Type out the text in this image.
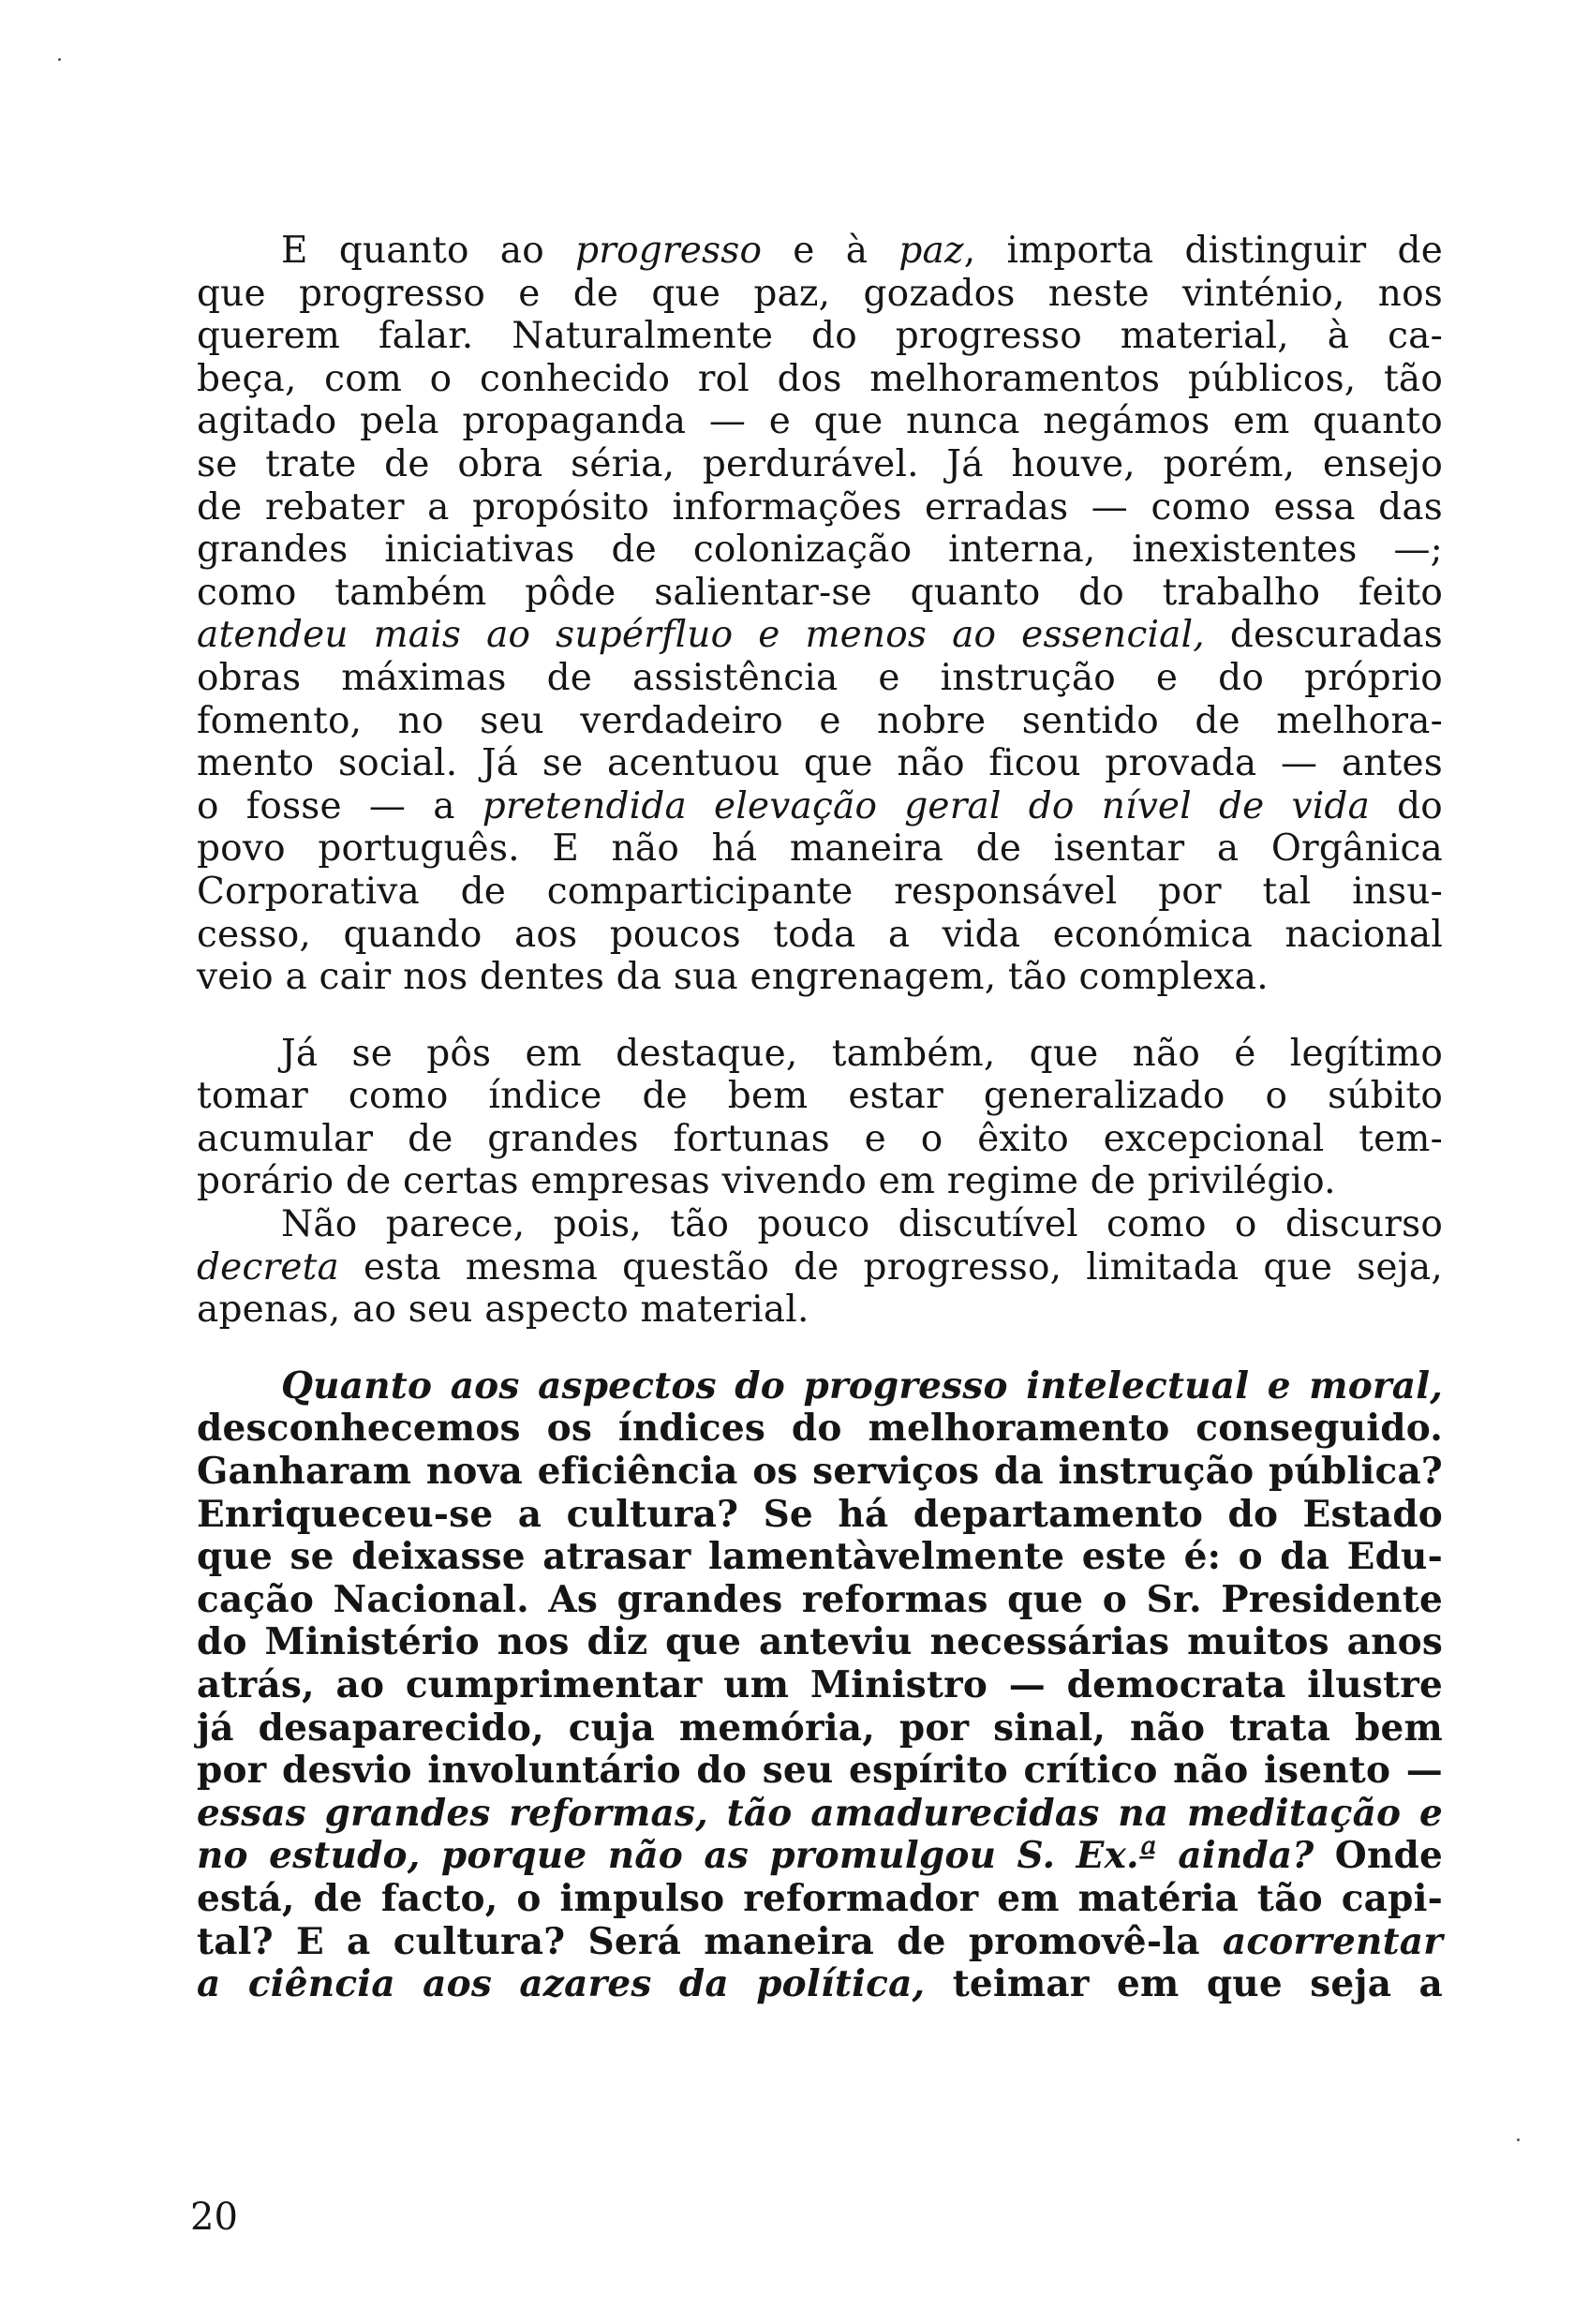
E quanto ao progresso e à paz, importa distinguir de
que progresso e de que paz, gozados neste vinténio, nos
querem falar. Naturalmente do progresso material, à ca-
beça, com o conhecido rol dos melhoramentos públicos, tão
agitado pela propaganda — e que nunca negámos em quanto
se trate de obra séria, perdurável. Já houve, porém, ensejo
de rebater a propósito informações erradas — como essa das
grandes iniciativas de colonização interna, inexistentes —;
como também pôde salientar-se quanto do trabalho feito
atendeu mais ao supérfluo e menos ao essencial, descuradas
obras máximas de assistência e instrução e do próprio
fomento, no seu verdadeiro e nobre sentido de melhora-
mento social. Já se acentuou que não ficou provada — antes
o fosse — a pretendida elevação geral do nível de vida do
povo português. E não há maneira de isentar a Orgânica
Corporativa de comparticipante responsável por tal insu-
cesso, quando aos poucos toda a vida económica nacional
veio a cair nos dentes da sua engrenagem, tão complexa.
Já se pôs em destaque, também, que não é legítimo
tomar como índice de bem estar generalizado o súbito
acumular de grandes fortunas e o êxito excepcional tem-
porário de certas empresas vivendo em regime de privilégio.
Não parece, pois, tão pouco discutível como o discurso
decreta esta mesma questão de progresso, limitada que seja,
apenas, ao seu aspecto material.
Quanto aos aspectos do progresso intelectual e moral,
desconhecemos os índices do melhoramento conseguido.
Ganharam nova eficiência os serviços da instrução pública?
Enriqueceu-se a cultura? Se há departamento do Estado
que se deixasse atrasar lamentàvelmente este é: o da Edu-
cação Nacional. As grandes reformas que o Sr. Presidente
do Ministério nos diz que anteviu necessárias muitos anos
atrás, ao cumprimentar um Ministro — democrata ilustre
já desaparecido, cuja memória, por sinal, não trata bem
por desvio involuntário do seu espírito crítico não isento —
essas grandes reformas, tão amadurecidas na meditação e
no estudo, porque não as promulgou S. Ex.ª ainda? Onde
está, de facto, o impulso reformador em matéria tão capi-
tal? E a cultura? Será maneira de promovê-la acorrentar
a ciência aos azares da política, teimar em que seja a
20
